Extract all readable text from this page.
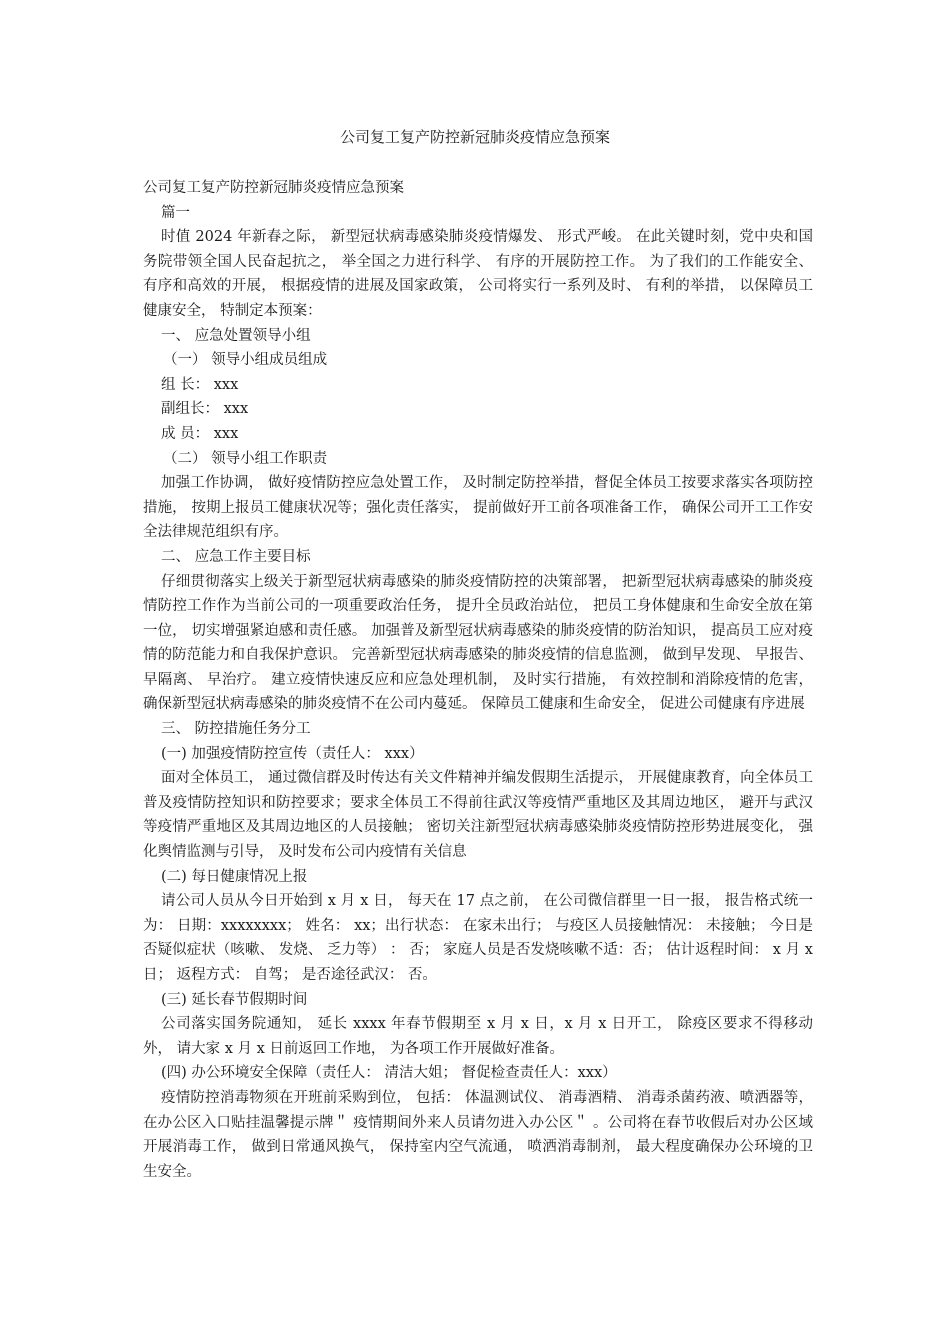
公司复工复产防控新冠肺炎疫情应急预案

公司复工复产防控新冠肺炎疫情应急预案

篇一

时值 2024 年新春之际， 新型冠状病毒感染肺炎疫情爆发、 形式严峻。 在此关键时刻，党中央和国务院带领全国人民奋起抗之， 举全国之力进行科学、 有序的开展防控工作。 为了我们的工作能安全、 有序和高效的开展， 根据疫情的进展及国家政策， 公司将实行一系列及时、 有利的举措， 以保障员工健康安全， 特制定本预案：

一、 应急处置领导小组

（一） 领导小组成员组成

组 长： xxx

副组长： xxx

成 员： xxx

（二） 领导小组工作职责

加强工作协调， 做好疫情防控应急处置工作， 及时制定防控举措，督促全体员工按要求落实各项防控措施， 按期上报员工健康状况等；强化责任落实， 提前做好开工前各项准备工作， 确保公司开工工作安全法律规范组织有序。

二、 应急工作主要目标

仔细贯彻落实上级关于新型冠状病毒感染的肺炎疫情防控的决策部署， 把新型冠状病毒感染的肺炎疫情防控工作作为当前公司的一项重要政治任务， 提升全员政治站位， 把员工身体健康和生命安全放在第一位， 切实增强紧迫感和责任感。 加强普及新型冠状病毒感染的肺炎疫情的防治知识， 提高员工应对疫情的防范能力和自我保护意识。 完善新型冠状病毒感染的肺炎疫情的信息监测， 做到早发现、 早报告、 早隔离、 早治疗。 建立疫情快速反应和应急处理机制， 及时实行措施， 有效控制和消除疫情的危害， 确保新型冠状病毒感染的肺炎疫情不在公司内蔓延。 保障员工健康和生命安全， 促进公司健康有序进展

三、 防控措施任务分工

(一) 加强疫情防控宣传（责任人： xxx）

面对全体员工， 通过微信群及时传达有关文件精神并编发假期生活提示， 开展健康教育，向全体员工普及疫情防控知识和防控要求；要求全体员工不得前往武汉等疫情严重地区及其周边地区， 避开与武汉等疫情严重地区及其周边地区的人员接触； 密切关注新型冠状病毒感染肺炎疫情防控形势进展变化， 强化舆情监测与引导， 及时发布公司内疫情有关信息

(二) 每日健康情况上报

请公司人员从今日开始到 x 月 x 日， 每天在 17 点之前， 在公司微信群里一日一报， 报告格式统一为： 日期：xxxxxxxx； 姓名： xx；出行状态： 在家未出行； 与疫区人员接触情况： 未接触； 今日是否疑似症状（咳嗽、 发烧、 乏力等） ： 否； 家庭人员是否发烧咳嗽不适：否； 估计返程时间： x 月 x 日； 返程方式： 自驾； 是否途径武汉： 否。

(三) 延长春节假期时间

公司落实国务院通知， 延长 xxxx 年春节假期至 x 月 x 日，x 月 x 日开工， 除疫区要求不得移动外， 请大家 x 月 x 日前返回工作地， 为各项工作开展做好准备。

(四) 办公环境安全保障（责任人： 清洁大姐； 督促检查责任人：xxx）

疫情防控消毒物须在开班前采购到位， 包括： 体温测试仪、 消毒酒精、 消毒杀菌药液、喷洒器等， 在办公区入口贴挂温馨提示牌＂ 疫情期间外来人员请勿进入办公区＂ 。公司将在春节收假后对办公区域开展消毒工作， 做到日常通风换气， 保持室内空气流通， 喷洒消毒制剂， 最大程度确保办公环境的卫生安全。
